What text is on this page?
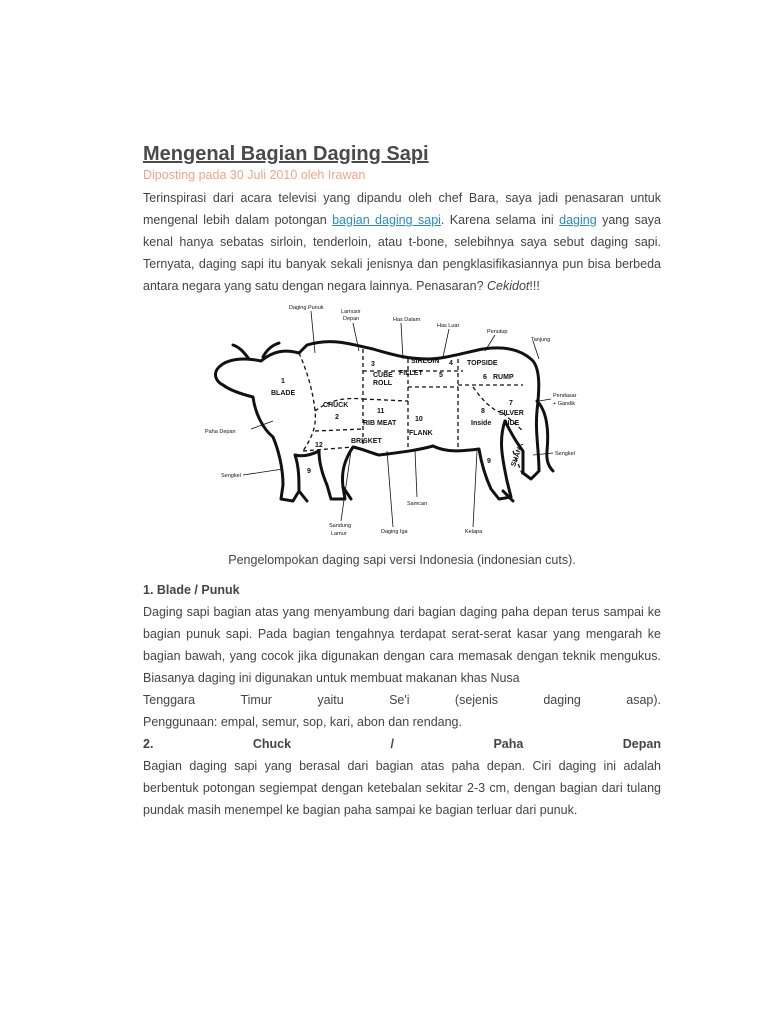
Mengenal Bagian Daging Sapi

Diposting pada 30 Juli 2010 oleh Irawan

Terinspirasi dari acara televisi yang dipandu oleh chef Bara, saya jadi penasaran untuk mengenal lebih dalam potongan bagian daging sapi. Karena selama ini daging yang saya kenal hanya sebatas sirloin, tenderloin, atau t-bone, selebihnya saya sebut daging sapi. Ternyata, daging sapi itu banyak sekali jenisnya dan pengklasifikasiannya pun bisa berbeda antara negara yang satu dengan negara lainnya. Penasaran? Cekidot!!!

1
BLADE
CHUCK
2
3
CUBE
ROLL
SIRLOIN 4
FILLET 5
TOPSIDE
6 RUMP
11
RIB MEAT
10
FLANK
8
Inside
7
SILVER
SIDE
12
BRISKET
9
9	SHANK
Daging Punuk
Lamusir
Depan	Has Dalam
Has Luar
Penutup
Tanjung
Pendasar
+ Gandik
Paha Depan
Sengkel
Sengkel
Samcan
Sandung
Lamur	Daging Iga	Kelapa

Pengelompokan daging sapi versi Indonesia (indonesian cuts).

1. Blade / Punuk

Daging sapi bagian atas yang menyambung dari bagian daging paha depan terus sampai ke bagian punuk sapi. Pada bagian tengahnya terdapat serat-serat kasar yang mengarah ke bagian bawah, yang cocok jika digunakan dengan cara memasak dengan teknik mengukus. Biasanya daging ini digunakan untuk membuat makanan khas Nusa

Tenggara	Timur	yaitu	Se'i	(sejenis	daging	asap).

Penggunaan: empal, semur, sop, kari, abon dan rendang.

2.	Chuck	/	Paha	Depan

Bagian daging sapi yang berasal dari bagian atas paha depan. Ciri daging ini adalah berbentuk potongan segiempat dengan ketebalan sekitar 2-3 cm, dengan bagian dari tulang pundak masih menempel ke bagian paha sampai ke bagian terluar dari punuk.
